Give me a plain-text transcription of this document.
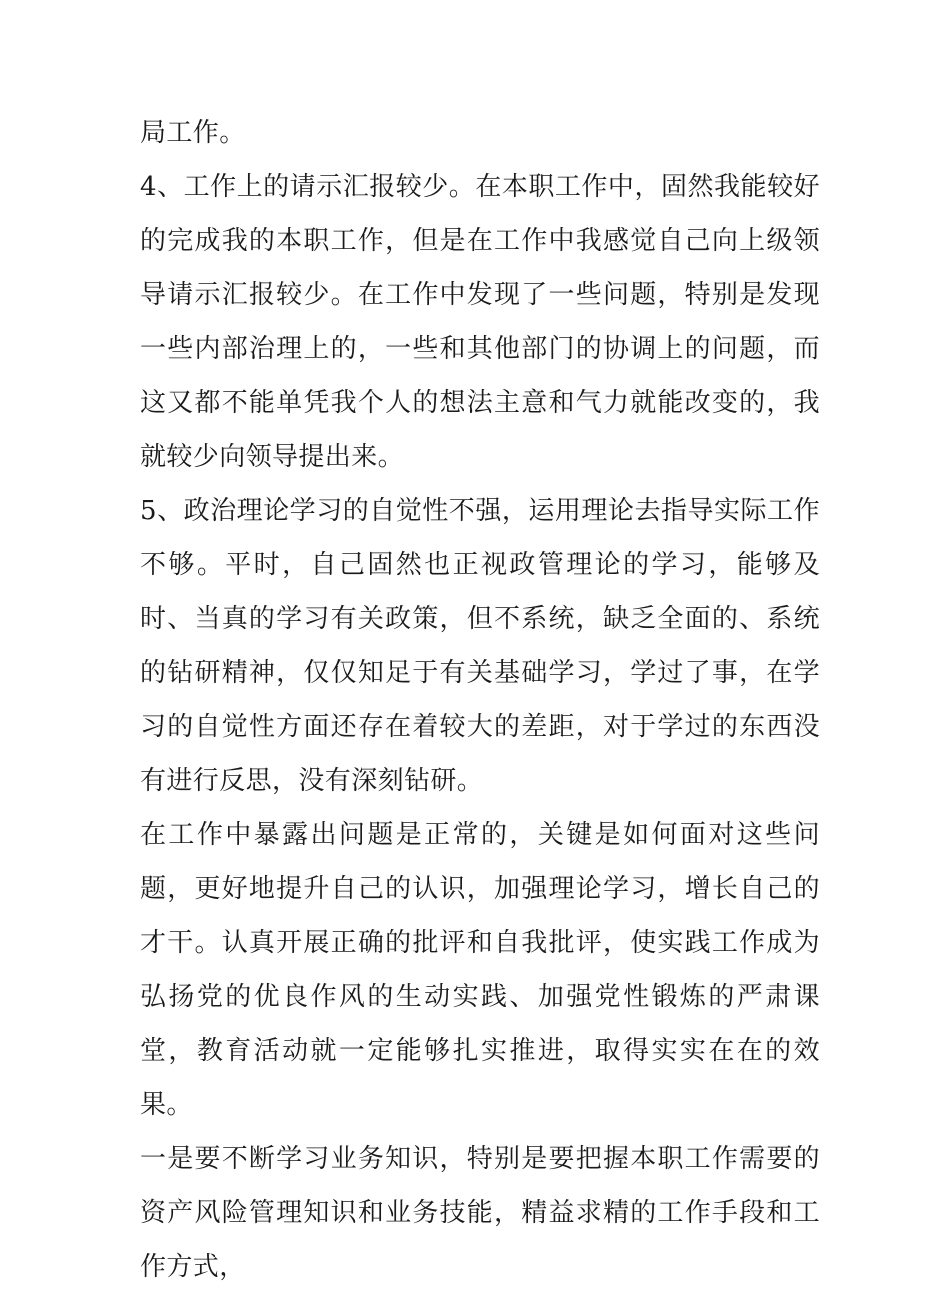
局工作。

4、工作上的请示汇报较少。在本职工作中，固然我能较好的完成我的本职工作，但是在工作中我感觉自己向上级领导请示汇报较少。在工作中发现了一些问题，特别是发现一些内部治理上的，一些和其他部门的协调上的问题，而这又都不能单凭我个人的想法主意和气力就能改变的，我就较少向领导提出来。

5、政治理论学习的自觉性不强，运用理论去指导实际工作不够。平时，自己固然也正视政管理论的学习，能够及时、当真的学习有关政策，但不系统，缺乏全面的、系统的钻研精神，仅仅知足于有关基础学习，学过了事，在学习的自觉性方面还存在着较大的差距，对于学过的东西没有进行反思，没有深刻钻研。

在工作中暴露出问题是正常的，关键是如何面对这些问题，更好地提升自己的认识，加强理论学习，增长自己的才干。认真开展正确的批评和自我批评，使实践工作成为弘扬党的优良作风的生动实践、加强党性锻炼的严肃课堂，教育活动就一定能够扎实推进，取得实实在在的效果。

一是要不断学习业务知识，特别是要把握本职工作需要的资产风险管理知识和业务技能，精益求精的工作手段和工作方式，
